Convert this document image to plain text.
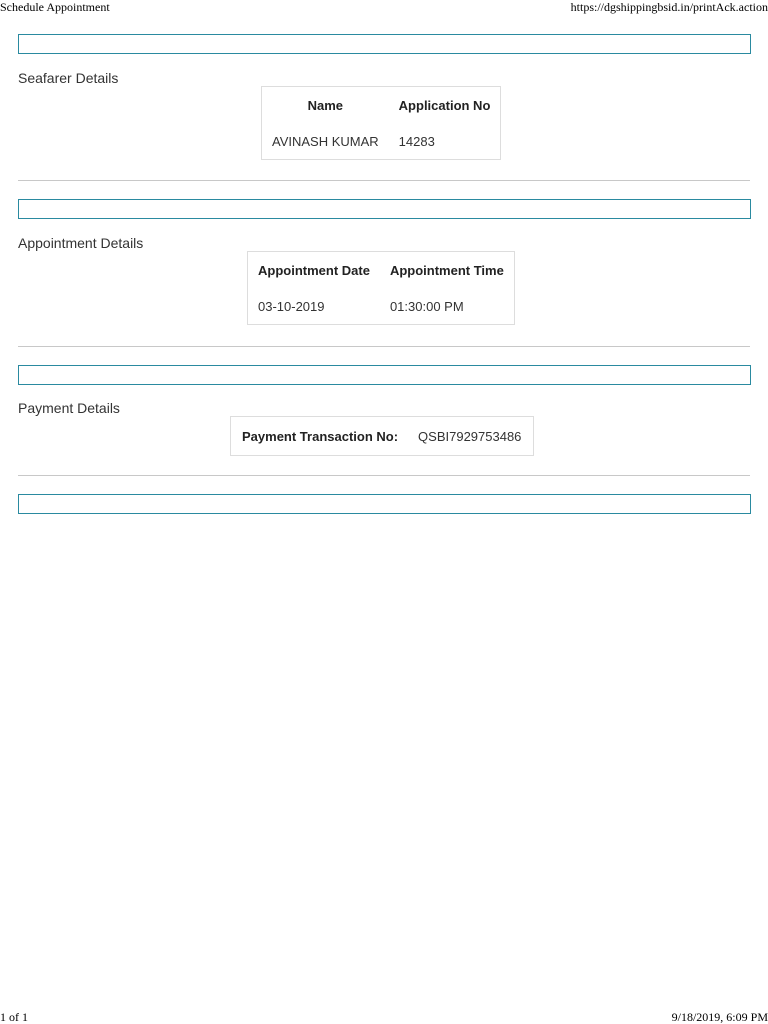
Schedule Appointment	https://dgshippingbsid.in/printAck.action
Seafarer Details
Name	Application No
AVINASH KUMAR	14283
Appointment Details
Appointment Date	Appointment Time
03-10-2019	01:30:00 PM
Payment Details
Payment Transaction No:	QSBI7929753486
1 of 1	9/18/2019, 6:09 PM
